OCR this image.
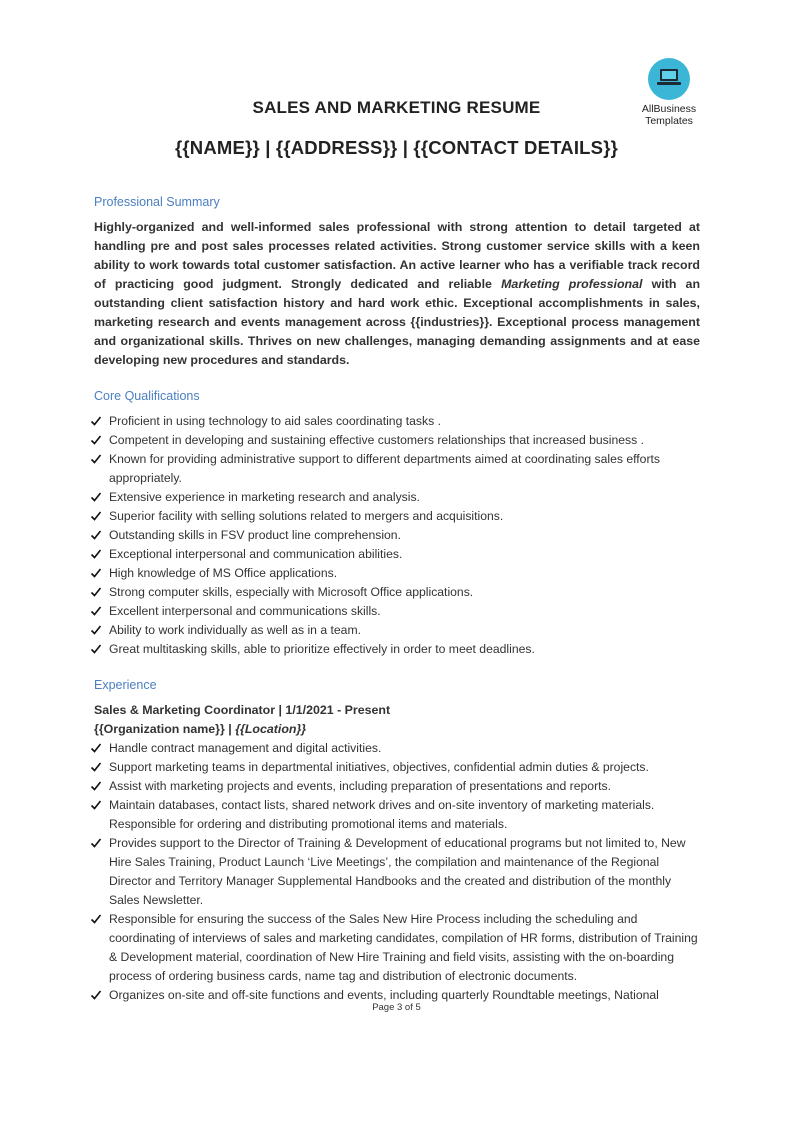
AllBusiness
Templates
SALES AND MARKETING RESUME
{{NAME}} | {{ADDRESS}} | {{CONTACT DETAILS}}
Professional Summary

Highly-organized and well-informed sales professional with strong attention to detail targeted at handling pre and post sales processes related activities. Strong customer service skills with a keen ability to work towards total customer satisfaction. An active learner who has a verifiable track record of practicing good judgment. Strongly dedicated and reliable Marketing professional with an outstanding client satisfaction history and hard work ethic. Exceptional accomplishments in sales, marketing research and events management across {{industries}}. Exceptional process management and organizational skills. Thrives on new challenges, managing demanding assignments and at ease developing new procedures and standards.

Core Qualifications
Proficient in using technology to aid sales coordinating tasks .
Competent in developing and sustaining effective customers relationships that increased business .
Known for providing administrative support to different departments aimed at coordinating sales efforts appropriately.
Extensive experience in marketing research and analysis.
Superior facility with selling solutions related to mergers and acquisitions.
Outstanding skills in FSV product line comprehension.
Exceptional interpersonal and communication abilities.
High knowledge of MS Office applications.
Strong computer skills, especially with Microsoft Office applications.
Excellent interpersonal and communications skills.
Ability to work individually as well as in a team.
Great multitasking skills, able to prioritize effectively in order to meet deadlines.
Experience
Sales & Marketing Coordinator | 1/1/2021 - Present
{{Organization name}} | {{Location}}
Handle contract management and digital activities.
Support marketing teams in departmental initiatives, objectives, confidential admin duties & projects.
Assist with marketing projects and events, including preparation of presentations and reports.
Maintain databases, contact lists, shared network drives and on-site inventory of marketing materials. Responsible for ordering and distributing promotional items and materials.
Provides support to the Director of Training & Development of educational programs but not limited to, New Hire Sales Training, Product Launch ‘Live Meetings’, the compilation and maintenance of the Regional Director and Territory Manager Supplemental Handbooks and the created and distribution of the monthly Sales Newsletter.
Responsible for ensuring the success of the Sales New Hire Process including the scheduling and coordinating of interviews of sales and marketing candidates, compilation of HR forms, distribution of Training & Development material, coordination of New Hire Training and field visits, assisting with the on-boarding process of ordering business cards, name tag and distribution of electronic documents.
Organizes on-site and off-site functions and events, including quarterly Roundtable meetings, National
Page 3 of 5
